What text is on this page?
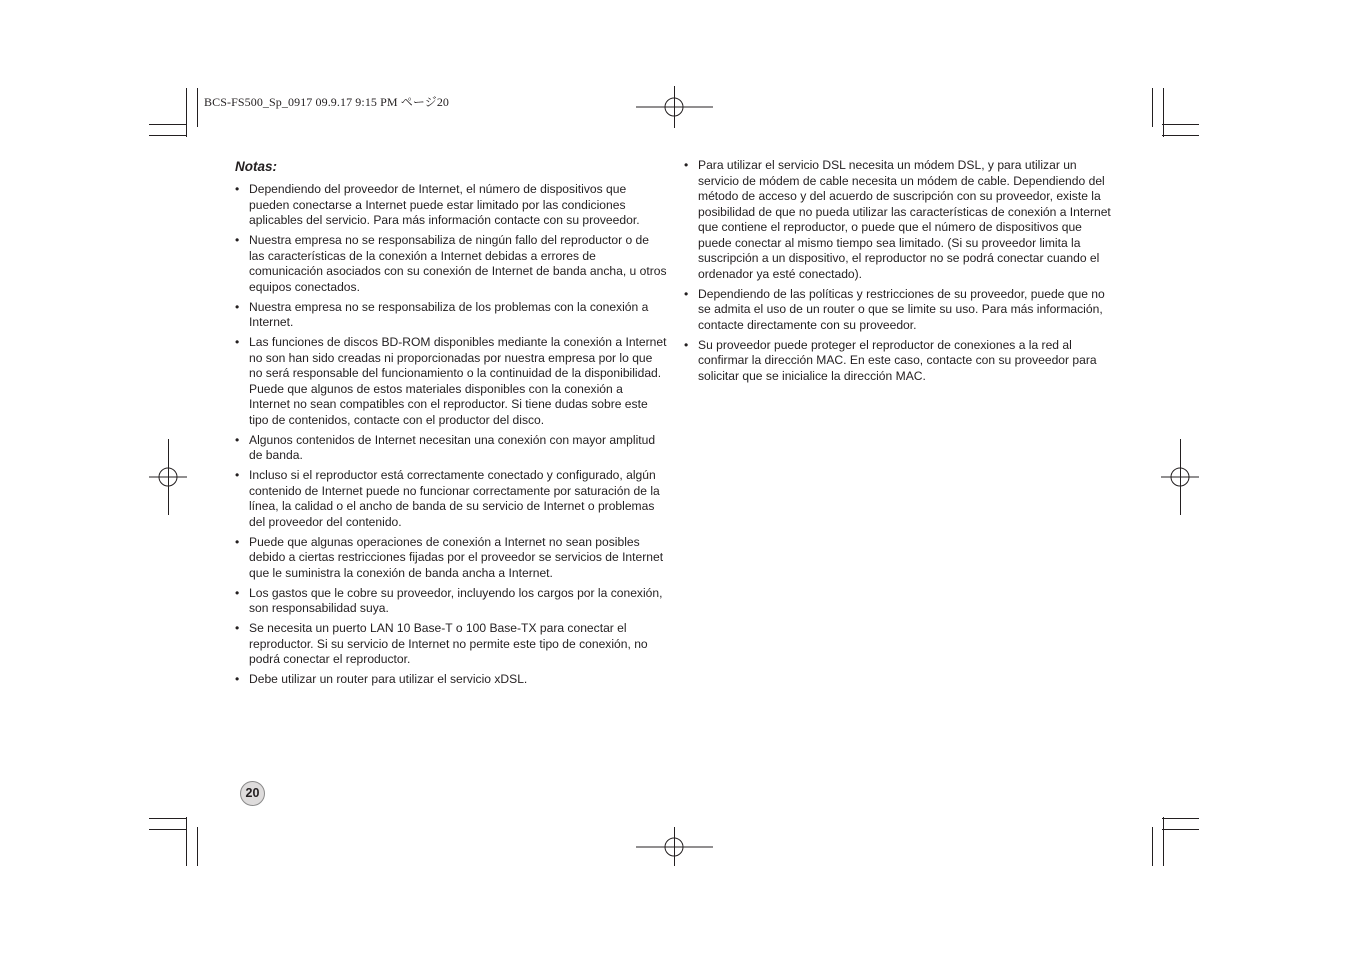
BCS-FS500_Sp_0917 09.9.17 9:15 PM ページ20
Notas:
• Dependiendo del proveedor de Internet, el número de dispositivos que pueden conectarse a Internet puede estar limitado por las condiciones aplicables del servicio. Para más información contacte con su proveedor.
• Nuestra empresa no se responsabiliza de ningún fallo del reproductor o de las características de la conexión a Internet debidas a errores de comunicación asociados con su conexión de Internet de banda ancha, u otros equipos conectados.
• Nuestra empresa no se responsabiliza de los problemas con la conexión a Internet.
• Las funciones de discos BD-ROM disponibles mediante la conexión a Internet no son han sido creadas ni proporcionadas por nuestra empresa por lo que no será responsable del funcionamiento o la continuidad de la disponibilidad. Puede que algunos de estos materiales disponibles con la conexión a Internet no sean compatibles con el reproductor. Si tiene dudas sobre este tipo de contenidos, contacte con el productor del disco.
• Algunos contenidos de Internet necesitan una conexión con mayor amplitud de banda.
• Incluso si el reproductor está correctamente conectado y configurado, algún contenido de Internet puede no funcionar correctamente por saturación de la línea, la calidad o el ancho de banda de su servicio de Internet o problemas del proveedor del contenido.
• Puede que algunas operaciones de conexión a Internet no sean posibles debido a ciertas restricciones fijadas por el proveedor se servicios de Internet que le suministra la conexión de banda ancha a Internet.
• Los gastos que le cobre su proveedor, incluyendo los cargos por la conexión, son responsabilidad suya.
• Se necesita un puerto LAN 10 Base-T o 100 Base-TX para conectar el reproductor. Si su servicio de Internet no permite este tipo de conexión, no podrá conectar el reproductor.
• Debe utilizar un router para utilizar el servicio xDSL.
• Para utilizar el servicio DSL necesita un módem DSL, y para utilizar un servicio de módem de cable necesita un módem de cable. Dependiendo del método de acceso y del acuerdo de suscripción con su proveedor, existe la posibilidad de que no pueda utilizar las características de conexión a Internet que contiene el reproductor, o puede que el número de dispositivos que puede conectar al mismo tiempo sea limitado. (Si su proveedor limita la suscripción a un dispositivo, el reproductor no se podrá conectar cuando el ordenador ya esté conectado).
• Dependiendo de las políticas y restricciones de su proveedor, puede que no se admita el uso de un router o que se limite su uso. Para más información, contacte directamente con su proveedor.
• Su proveedor puede proteger el reproductor de conexiones a la red al confirmar la dirección MAC. En este caso, contacte con su proveedor para solicitar que se inicialice la dirección MAC.
20
